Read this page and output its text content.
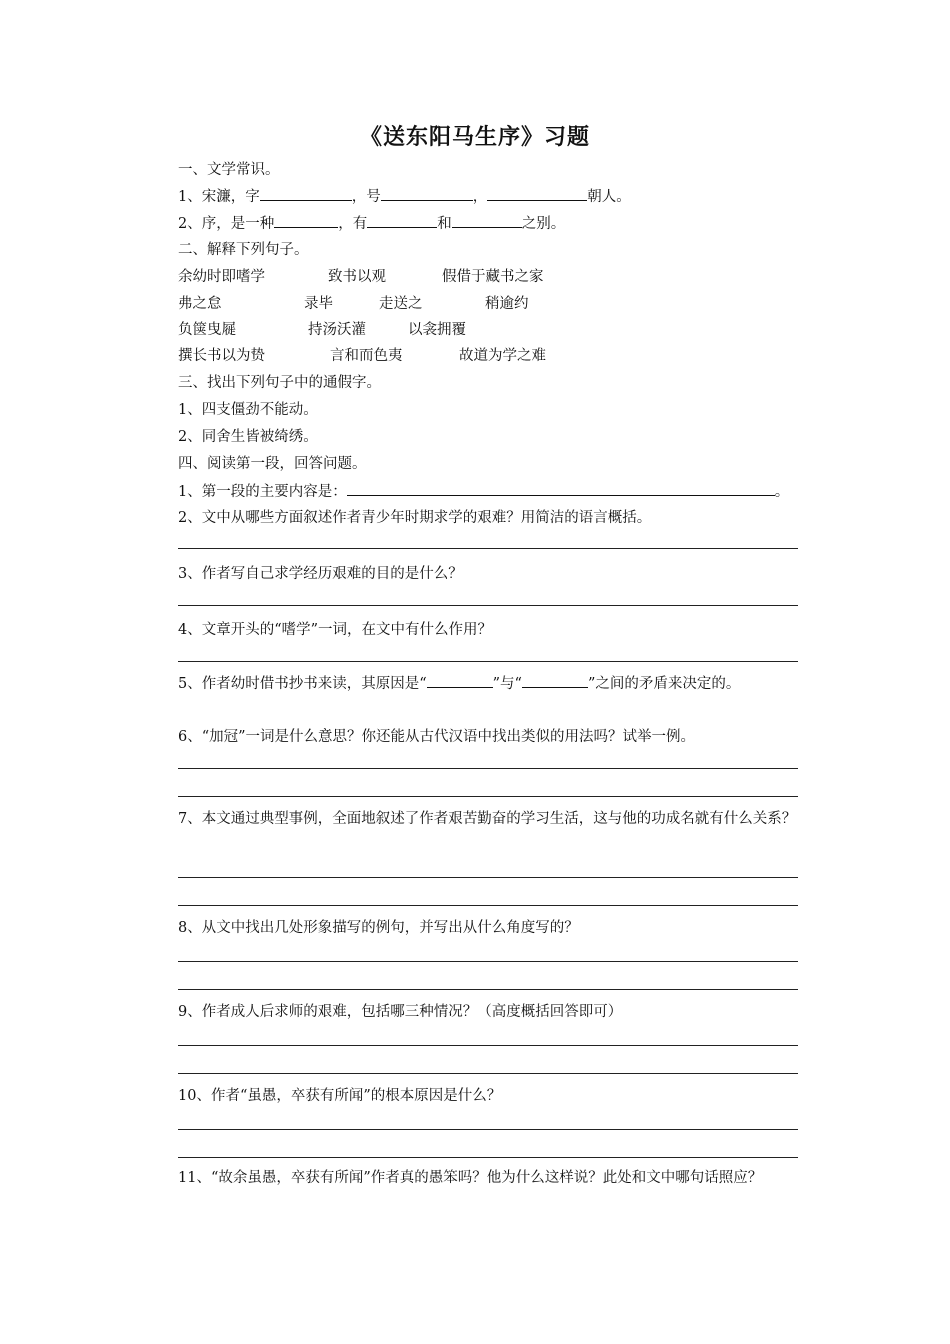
《送东阳马生序》习题
一、文学常识。
1、宋濂，字	，号	，	朝人。
2、序，是一种	，有	和	之别。
二、解释下列句子。
余幼时即嗜学	致书以观	假借于藏书之家
弗之怠	录毕	走送之	稍逾约
负箧曳屣	持汤沃灌	以衾拥覆
撰长书以为贽	言和而色夷	故道为学之难
三、找出下列句子中的通假字。
1、四支僵劲不能动。
2、同舍生皆被绮绣。
四、阅读第一段，回答问题。
1、第一段的主要内容是：	。
2、文中从哪些方面叙述作者青少年时期求学的艰难？用简洁的语言概括。
3、作者写自己求学经历艰难的目的是什么？
4、文章开头的“嗜学”一词，在文中有什么作用？
5、作者幼时借书抄书来读，其原因是“	”与“	”之间的矛盾来决定的。
6、“加冠”一词是什么意思？你还能从古代汉语中找出类似的用法吗？试举一例。
7、本文通过典型事例，全面地叙述了作者艰苦勤奋的学习生活，这与他的功成名就有什么关系？
8、从文中找出几处形象描写的例句，并写出从什么角度写的？
9、作者成人后求师的艰难，包括哪三种情况？（高度概括回答即可）
10、作者“虽愚，卒获有所闻”的根本原因是什么？
11、“故余虽愚，卒获有所闻”作者真的愚笨吗？他为什么这样说？此处和文中哪句话照应？
